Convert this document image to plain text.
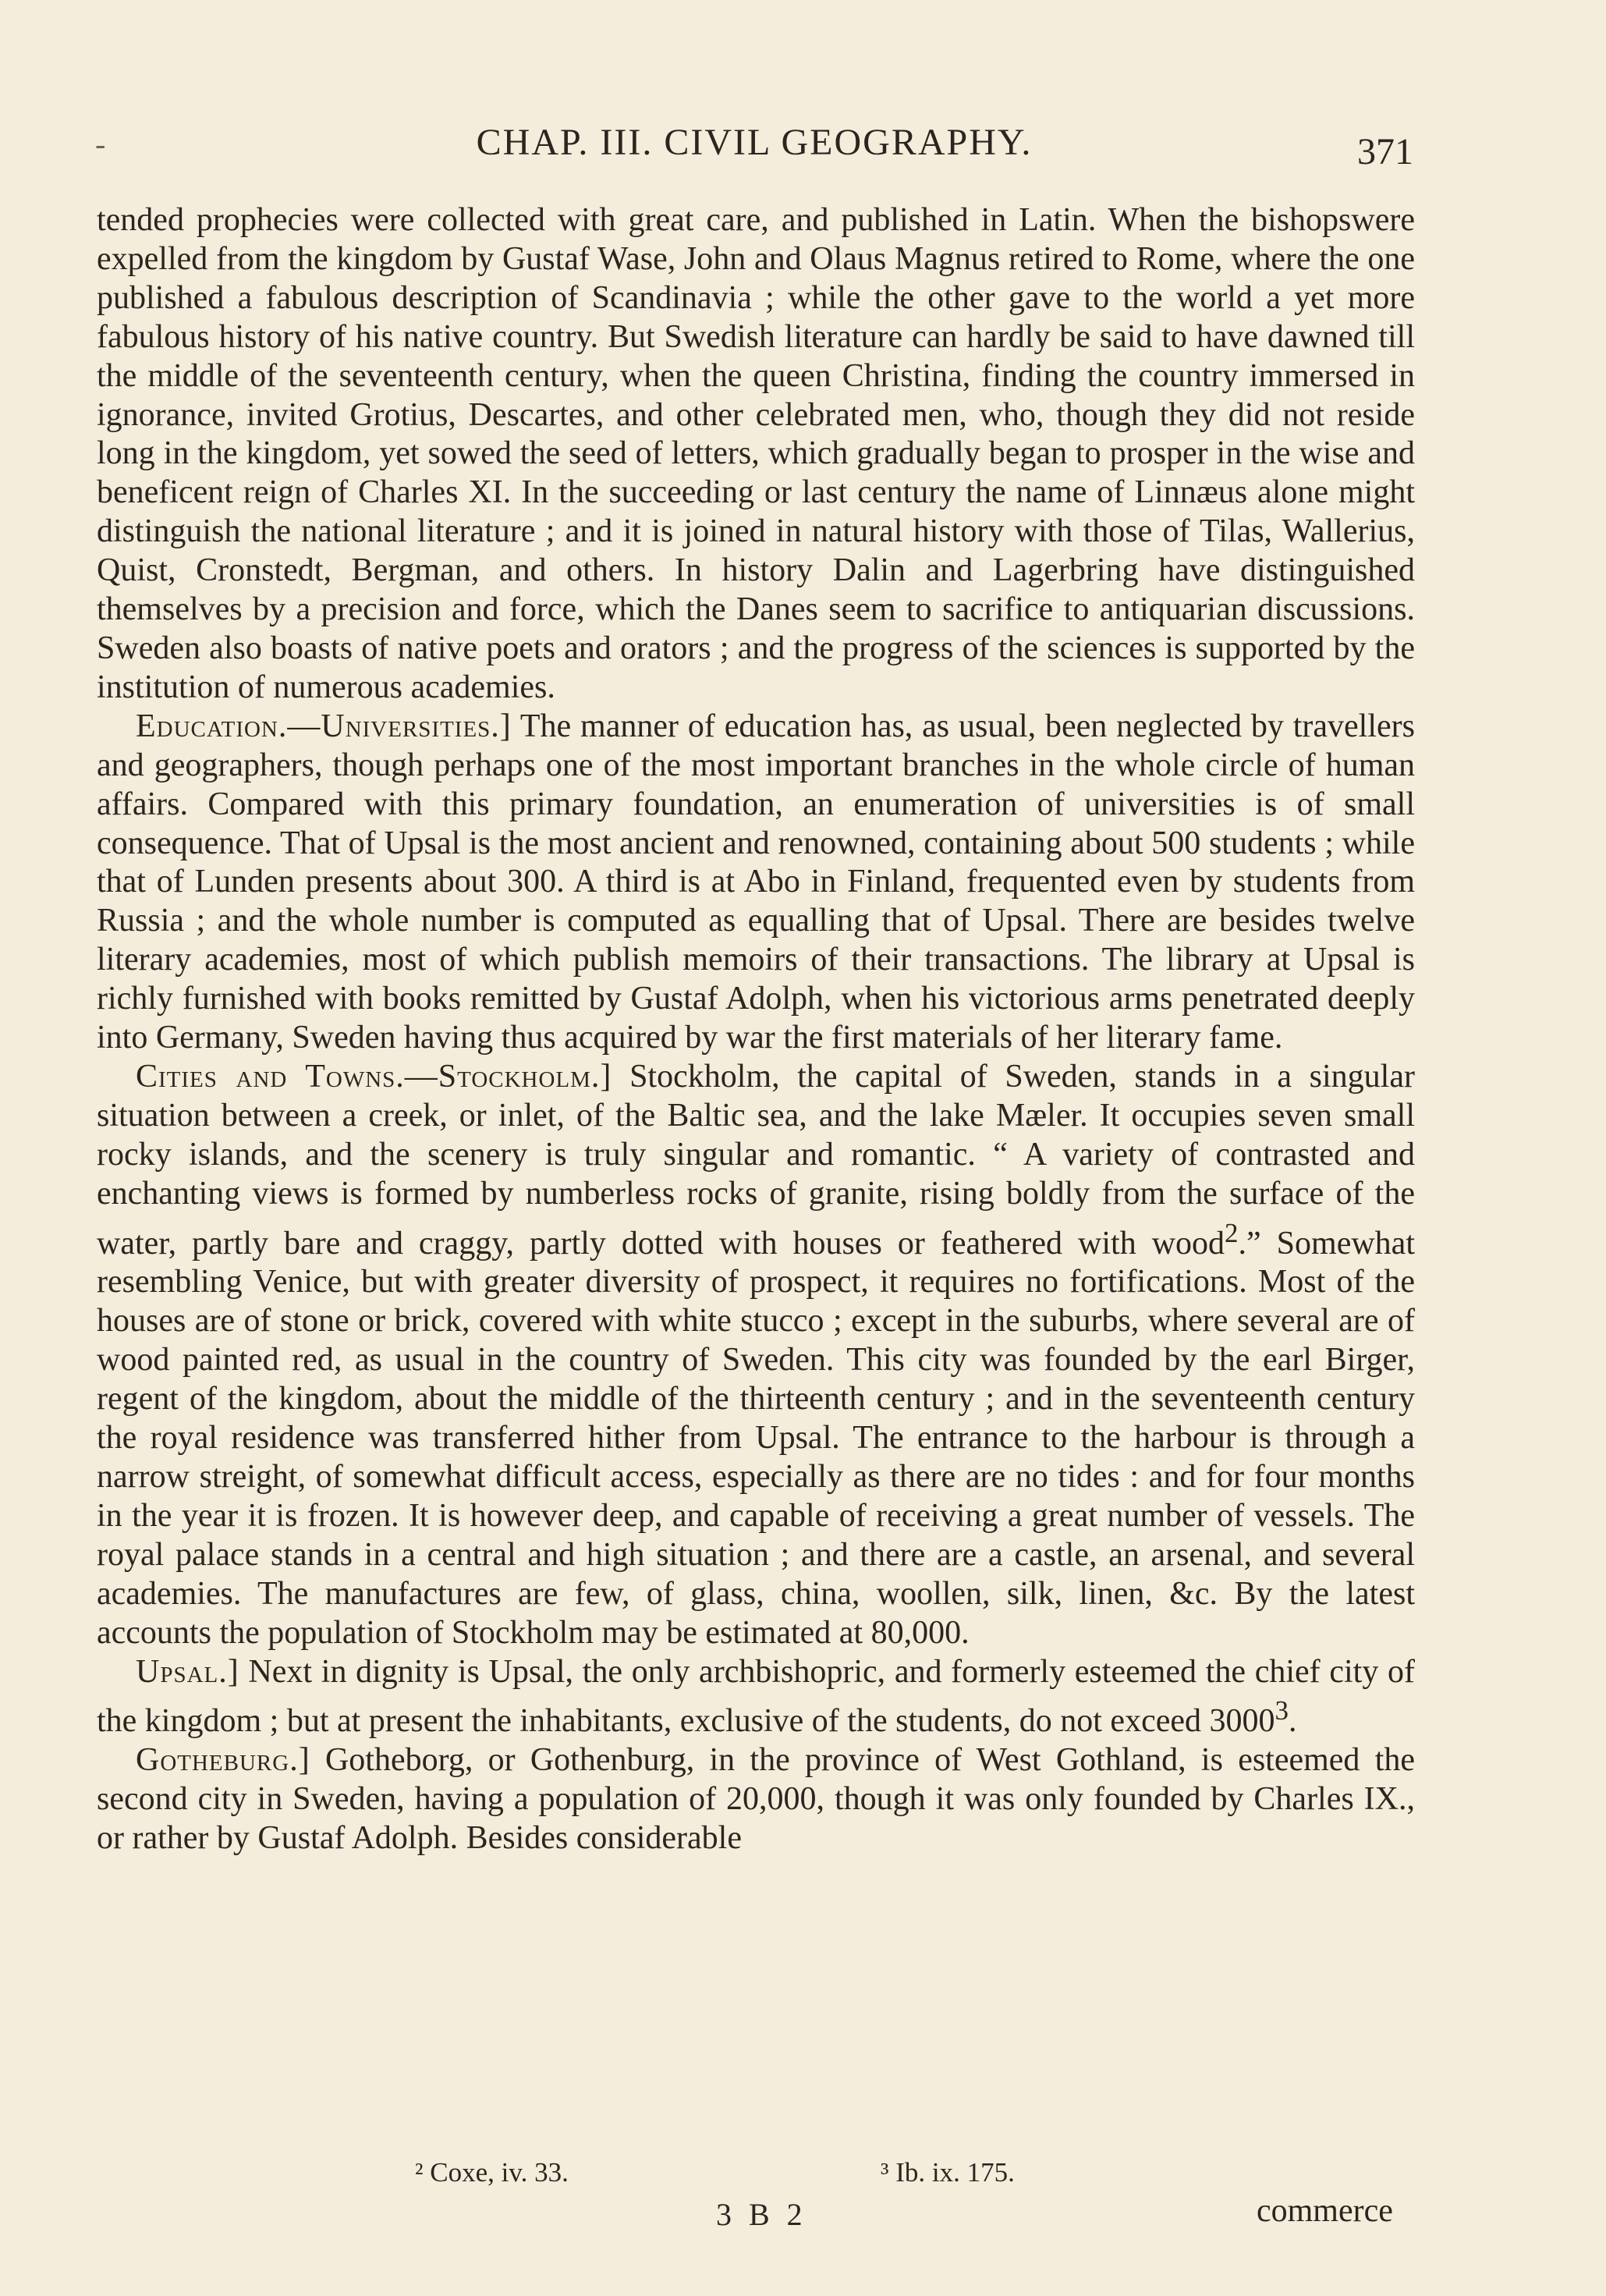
-	CHAP. III. CIVIL GEOGRAPHY.	371

tended prophecies were collected with great care, and published in Latin. When the bishopswere expelled from the kingdom by Gustaf Wase, John and Olaus Magnus retired to Rome, where the one published a fabulous description of Scandinavia ; while the other gave to the world a yet more fabulous history of his native country. But Swedish literature can hardly be said to have dawned till the middle of the seventeenth century, when the queen Christina, finding the country immersed in ignorance, invited Grotius, Descartes, and other celebrated men, who, though they did not reside long in the kingdom, yet sowed the seed of letters, which gradually began to prosper in the wise and beneficent reign of Charles XI. In the succeeding or last century the name of Linnæus alone might distinguish the national literature ; and it is joined in natural history with those of Tilas, Wallerius, Quist, Cronstedt, Bergman, and others. In history Dalin and Lagerbring have distinguished themselves by a precision and force, which the Danes seem to sacrifice to antiquarian discussions. Sweden also boasts of native poets and orators ; and the progress of the sciences is supported by the institution of numerous academies.

Education.—Universities.] The manner of education has, as usual, been neglected by travellers and geographers, though perhaps one of the most important branches in the whole circle of human affairs. Compared with this primary foundation, an enumeration of universities is of small consequence. That of Upsal is the most ancient and renowned, containing about 500 students ; while that of Lunden presents about 300. A third is at Abo in Finland, frequented even by students from Russia ; and the whole number is computed as equalling that of Upsal. There are besides twelve literary academies, most of which publish memoirs of their transactions. The library at Upsal is richly furnished with books remitted by Gustaf Adolph, when his victorious arms penetrated deeply into Germany, Sweden having thus acquired by war the first materials of her literary fame.

Cities and Towns.—Stockholm.] Stockholm, the capital of Sweden, stands in a singular situation between a creek, or inlet, of the Baltic sea, and the lake Mæler. It occupies seven small rocky islands, and the scenery is truly singular and romantic. “ A variety of contrasted and enchanting views is formed by numberless rocks of granite, rising boldly from the surface of the water, partly bare and craggy, partly dotted with houses or feathered with wood$^2$.” Somewhat resembling Venice, but with greater diversity of prospect, it requires no fortifications. Most of the houses are of stone or brick, covered with white stucco ; except in the suburbs, where several are of wood painted red, as usual in the country of Sweden. This city was founded by the earl Birger, regent of the kingdom, about the middle of the thirteenth century ; and in the seventeenth century the royal residence was transferred hither from Upsal. The entrance to the harbour is through a narrow streight, of somewhat difficult access, especially as there are no tides : and for four months in the year it is frozen. It is however deep, and capable of receiving a great number of vessels. The royal palace stands in a central and high situation ; and there are a castle, an arsenal, and several academies. The manufactures are few, of glass, china, woollen, silk, linen, &c. By the latest accounts the population of Stockholm may be estimated at 80,000.

Upsal.] Next in dignity is Upsal, the only archbishopric, and formerly esteemed the chief city of the kingdom ; but at present the inhabitants, exclusive of the students, do not exceed 3000$^3$.

Gotheburg.] Gotheborg, or Gothenburg, in the province of West Gothland, is esteemed the second city in Sweden, having a population of 20,000, though it was only founded by Charles IX., or rather by Gustaf Adolph. Besides considerable

² Coxe, iv. 33.	³ Ib. ix. 175.
3 B 2	commerce
